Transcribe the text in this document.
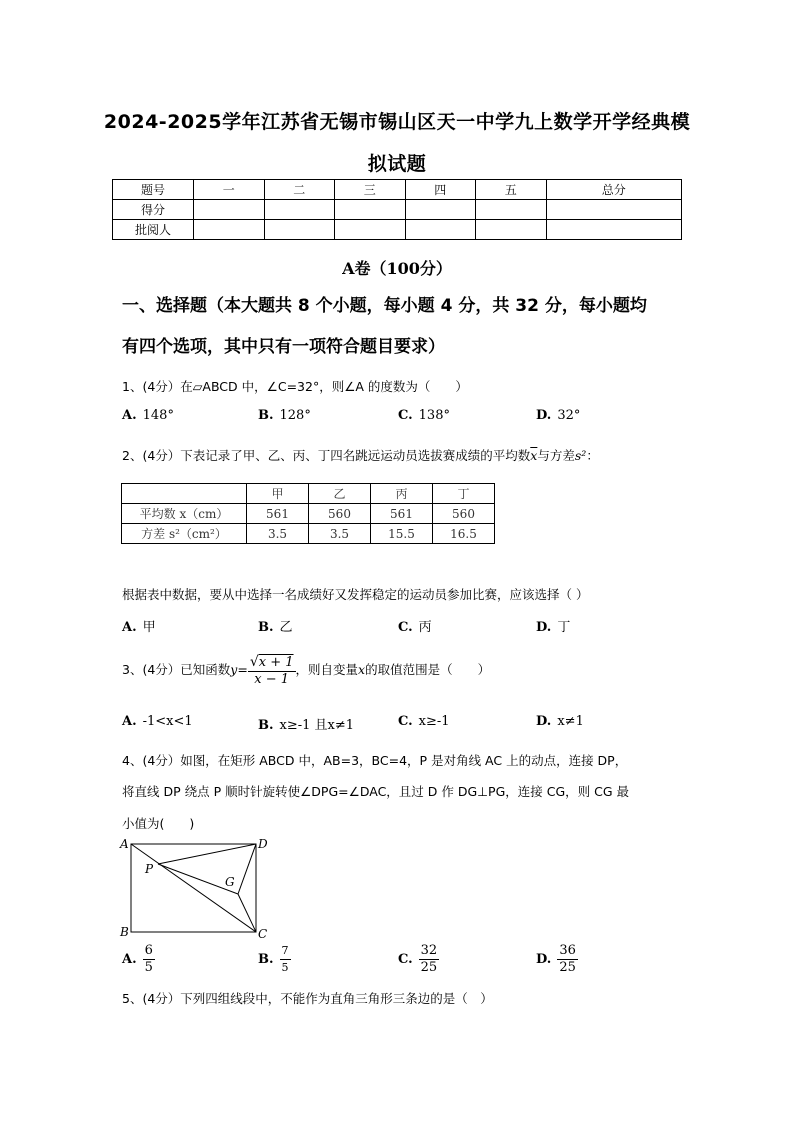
2024-2025学年江苏省无锡市锡山区天一中学九上数学开学经典模
拟试题
题号	一	二	三	四	五	总分
得分						
批阅人						
A卷（100分）
一、选择题（本大题共 8 个小题，每小题 4 分，共 32 分，每小题均
有四个选项，其中只有一项符合题目要求）
1、(4分）在▱ABCD 中，∠C=32°，则∠A 的度数为（　　）
A. 148°	B. 128°	C. 138°	D. 32°
2、(4分）下表记录了甲、乙、丙、丁四名跳远运动员选拔赛成绩的平均数$\overline{x}$与方差s²：
	甲	乙	丙	丁
平均数 x（cm）	561	560	561	560
方差 s²（cm²）	3.5	3.5	15.5	16.5
根据表中数据，要从中选择一名成绩好又发挥稳定的运动员参加比赛，应该选择（ ）
A. 甲	B. 乙	C. 丙	D. 丁
3、(4分）已知函数$y= \frac{√x + 1}{x - 1}$ ，则自变量x的取值范围是（　　）
A. -1<x<1	B. x≥-1 且x≠1	C. x≥-1	D. x≠1
4、(4分）如图，在矩形 ABCD 中，AB=3，BC=4，P 是对角线 AC 上的动点，连接 DP，
将直线 DP 绕点 P 顺时针旋转使∠DPG=∠DAC，且过 D 作 DG⊥PG，连接 CG，则 CG 最
小值为(　　)
A	D
B	C
P
G
A. $\frac{6}{5}$	B. $\frac{7}{5}$	C. $\frac{32}{25}$	D. $\frac{36}{25}$
5、(4分）下列四组线段中，不能作为直角三角形三条边的是（　）
